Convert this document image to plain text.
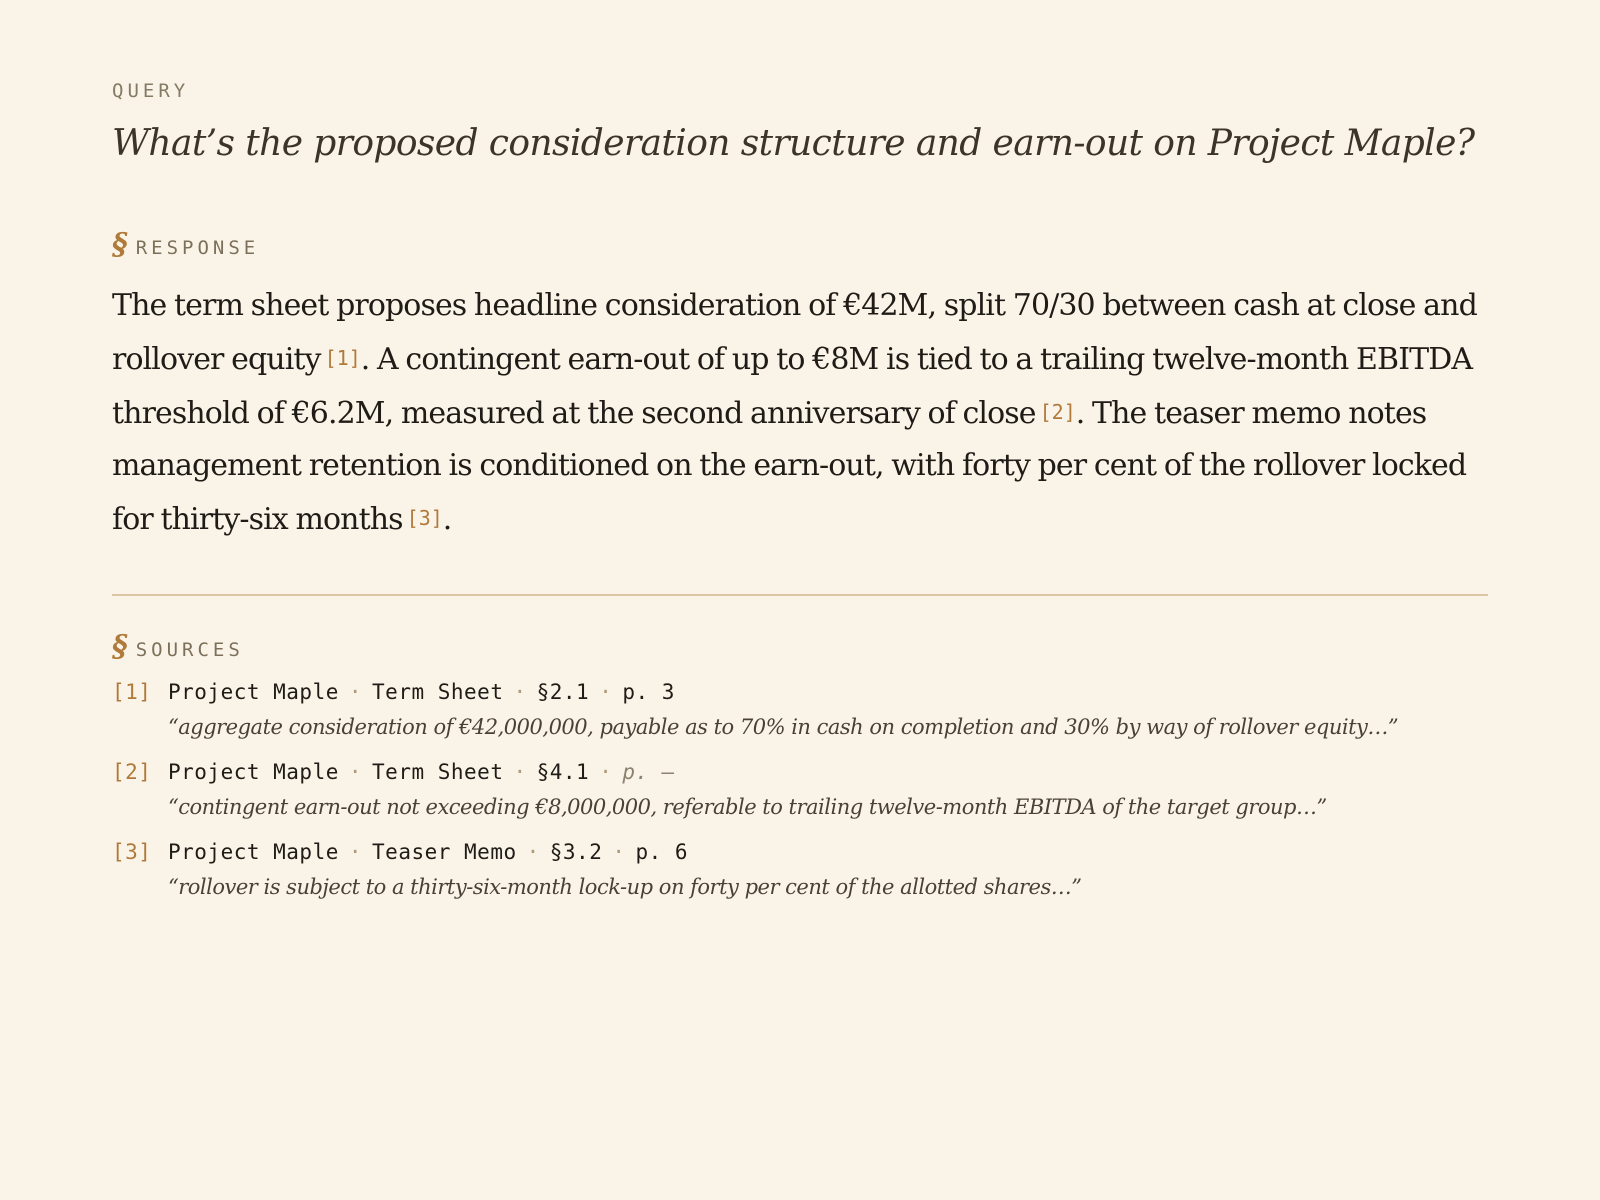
QUERY
What’s the proposed consideration structure and earn-out on Project Maple?
§ RESPONSE

The term sheet proposes headline consideration of €42M, split 70/30 between cash at close and rollover equity [1]. A contingent earn-out of up to €8M is tied to a trailing twelve-month EBITDA threshold of €6.2M, measured at the second anniversary of close [2]. The teaser memo notes management retention is conditioned on the earn-out, with forty per cent of the rollover locked for thirty-six months [3].

§ SOURCES
[1] Project Maple · Term Sheet · §2.1 · p. 3
“aggregate consideration of €42,000,000, payable as to 70% in cash on completion and 30% by way of rollover equity…”
[2] Project Maple · Term Sheet · §4.1 · p. —
“contingent earn-out not exceeding €8,000,000, referable to trailing twelve-month EBITDA of the target group…”
[3] Project Maple · Teaser Memo · §3.2 · p. 6
“rollover is subject to a thirty-six-month lock-up on forty per cent of the allotted shares…”
